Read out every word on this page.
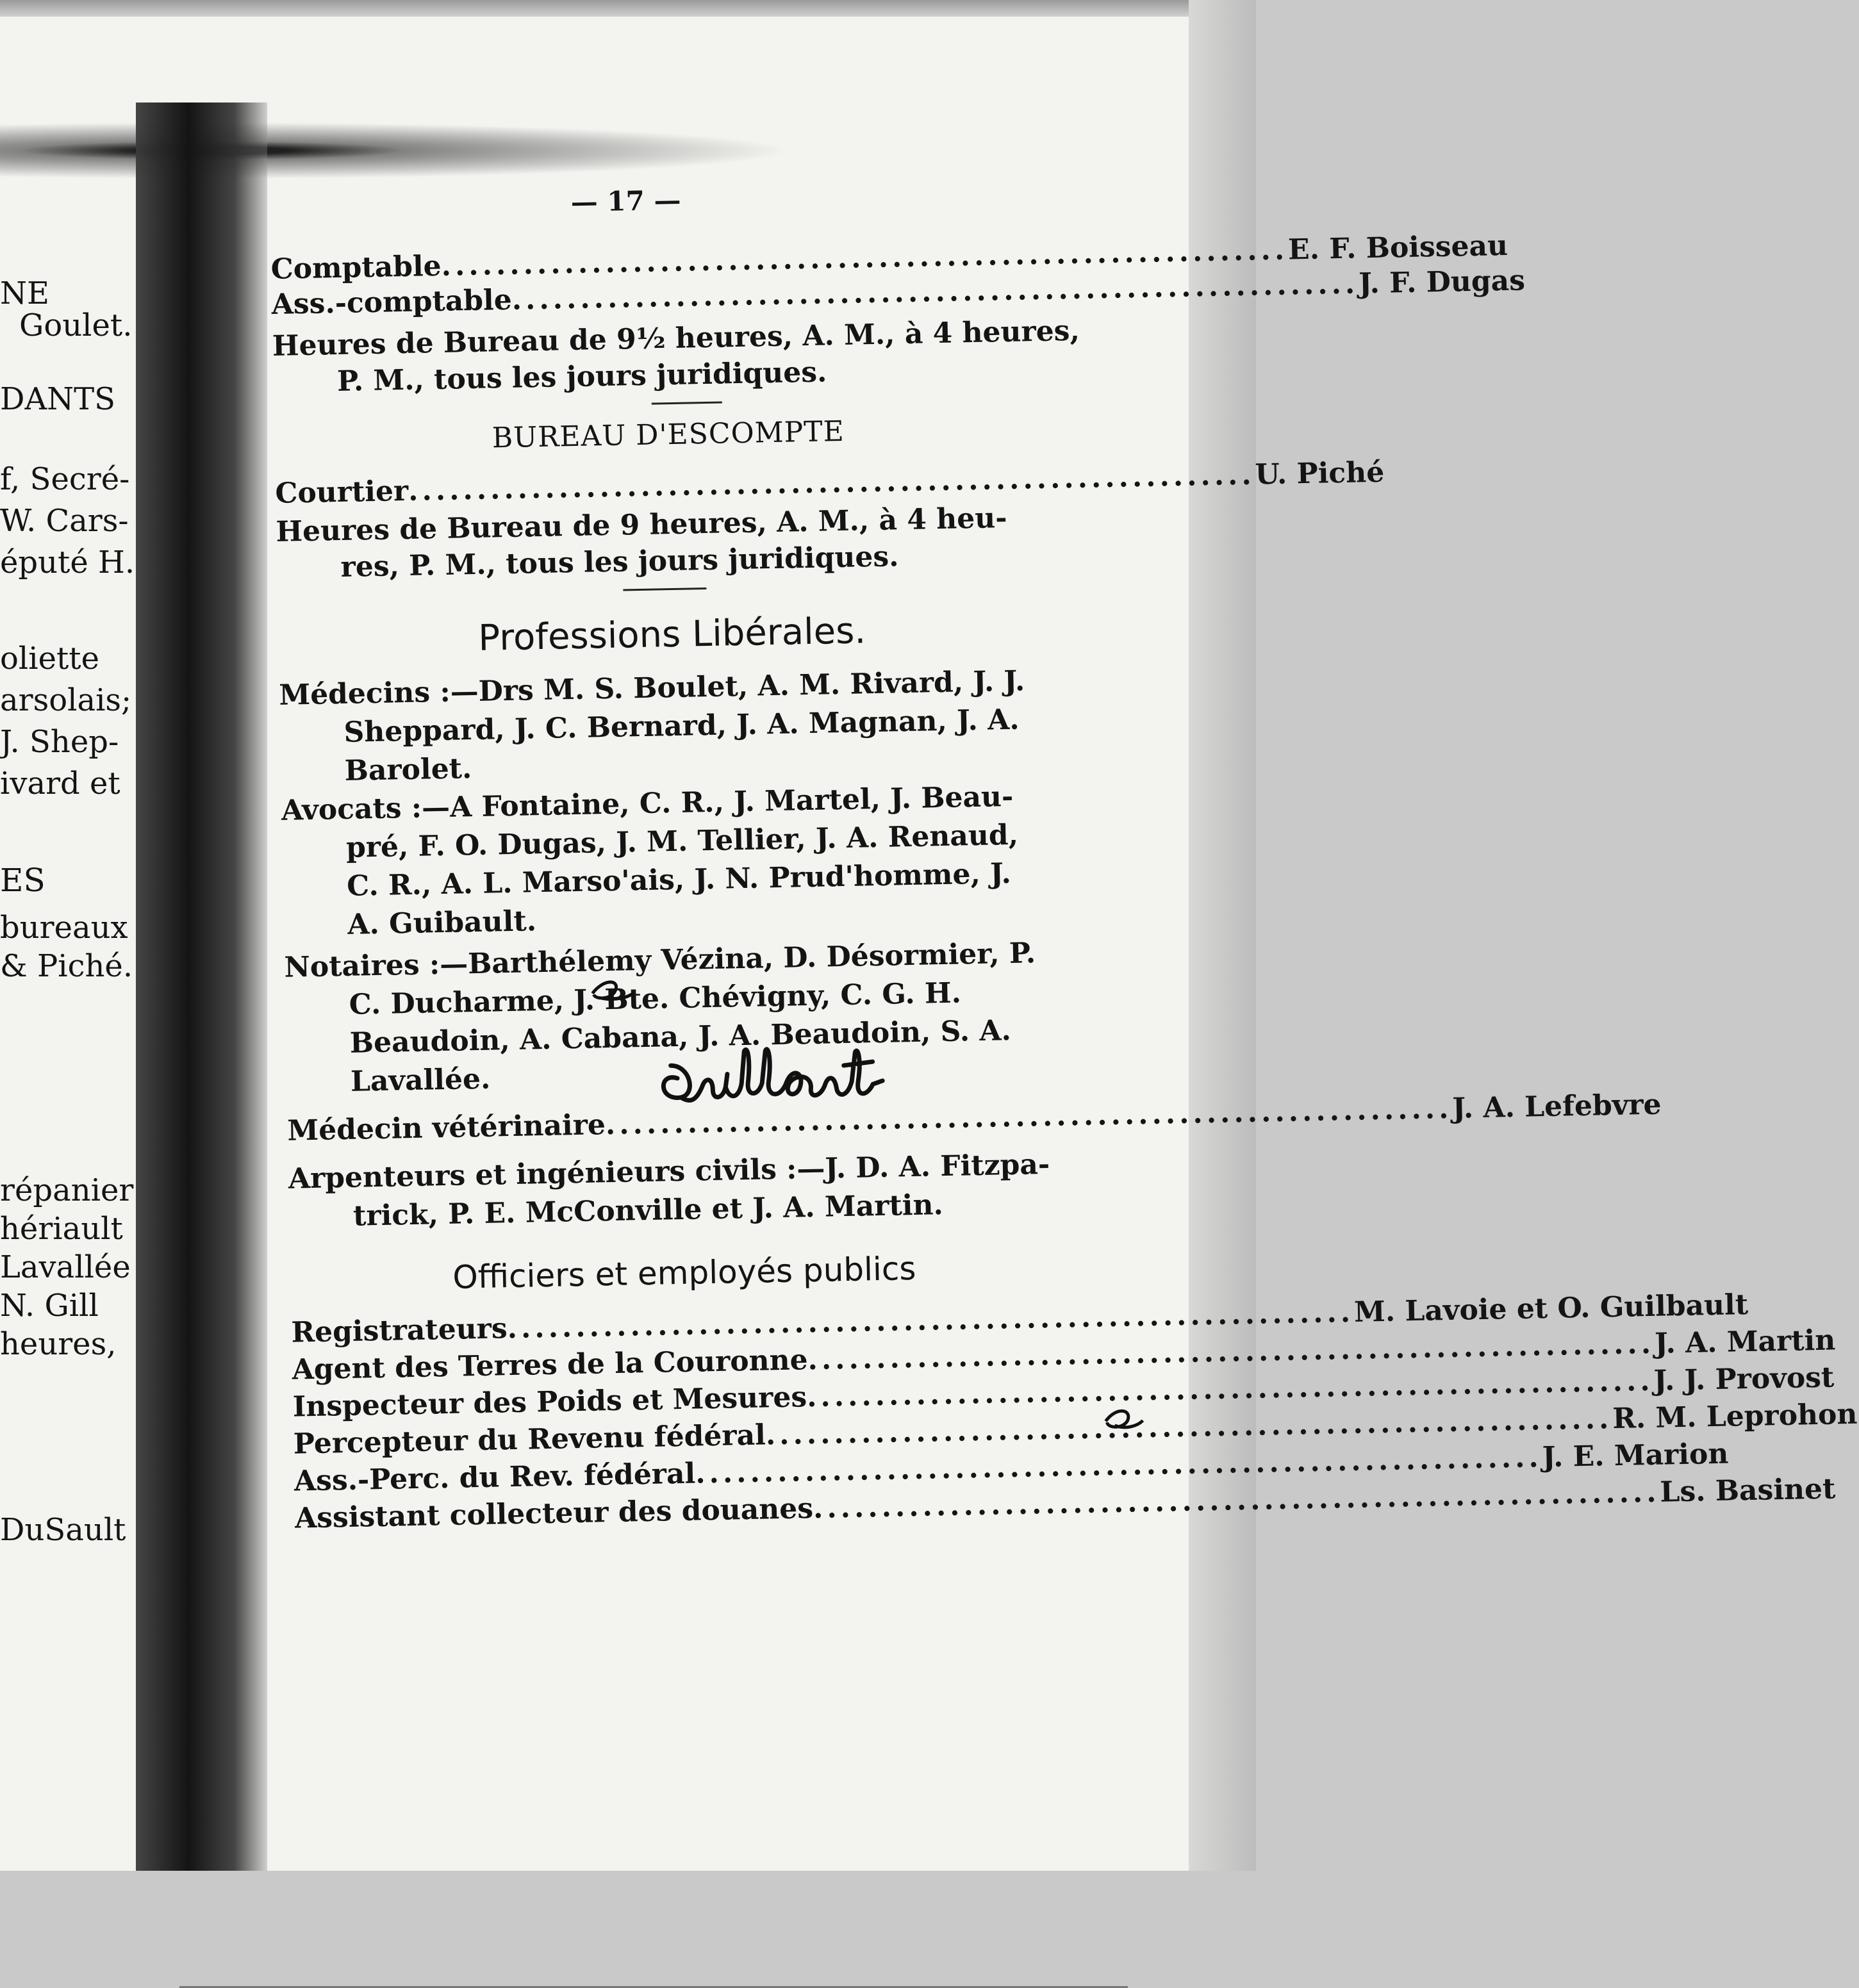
NE
Goulet.
DANTS
f, Secré-
W. Cars-
éputé H.
oliette
arsolais;
J. Shep-
ivard et
ES
bureaux
& Piché.
répanier
hériault
Lavallée
N. Gill
heures,
DuSault
— 17 —
Comptable .............................................................. E. F. Boisseau
Ass.-comptable .............................................................. J. F. Dugas
Heures de Bureau de 9½ heures, A. M., à 4 heures,
P. M., tous les jours juridiques.
BUREAU D'ESCOMPTE
Courtier .............................................................. U. Piché
Heures de Bureau de 9 heures, A. M., à 4 heu-
res, P. M., tous les jours juridiques.
Professions Libérales.
Médecins :—Drs M. S. Boulet, A. M. Rivard, J. J.
Sheppard, J. C. Bernard, J. A. Magnan, J. A.
Barolet.
Avocats :—A Fontaine, C. R., J. Martel, J. Beau-
pré, F. O. Dugas, J. M. Tellier, J. A. Renaud,
C. R., A. L. Marso'ais, J. N. Prud'homme, J.
A. Guibault.
Notaires :—Barthélemy Vézina, D. Désormier, P.
C. Ducharme, J. Bte. Chévigny, C. G. H.
Beaudoin, A. Cabana, J. A. Beaudoin, S. A.
Lavallée.
Médecin vétérinaire .............................................................. J. A. Lefebvre
Arpenteurs et ingénieurs civils :—J. D. A. Fitzpa-
trick, P. E. McConville et J. A. Martin.
Officiers et employés publics
Registrateurs .............................................................. M. Lavoie et O. Guilbault
Agent des Terres de la Couronne .............................................................. J. A. Martin
Inspecteur des Poids et Mesures .............................................................. J. J. Provost
Percepteur du Revenu fédéral .............................................................. R. M. Leprohon
Ass.-Perc. du Rev. fédéral .............................................................. J. E. Marion
Assistant collecteur des douanes .............................................................. Ls. Basinet
